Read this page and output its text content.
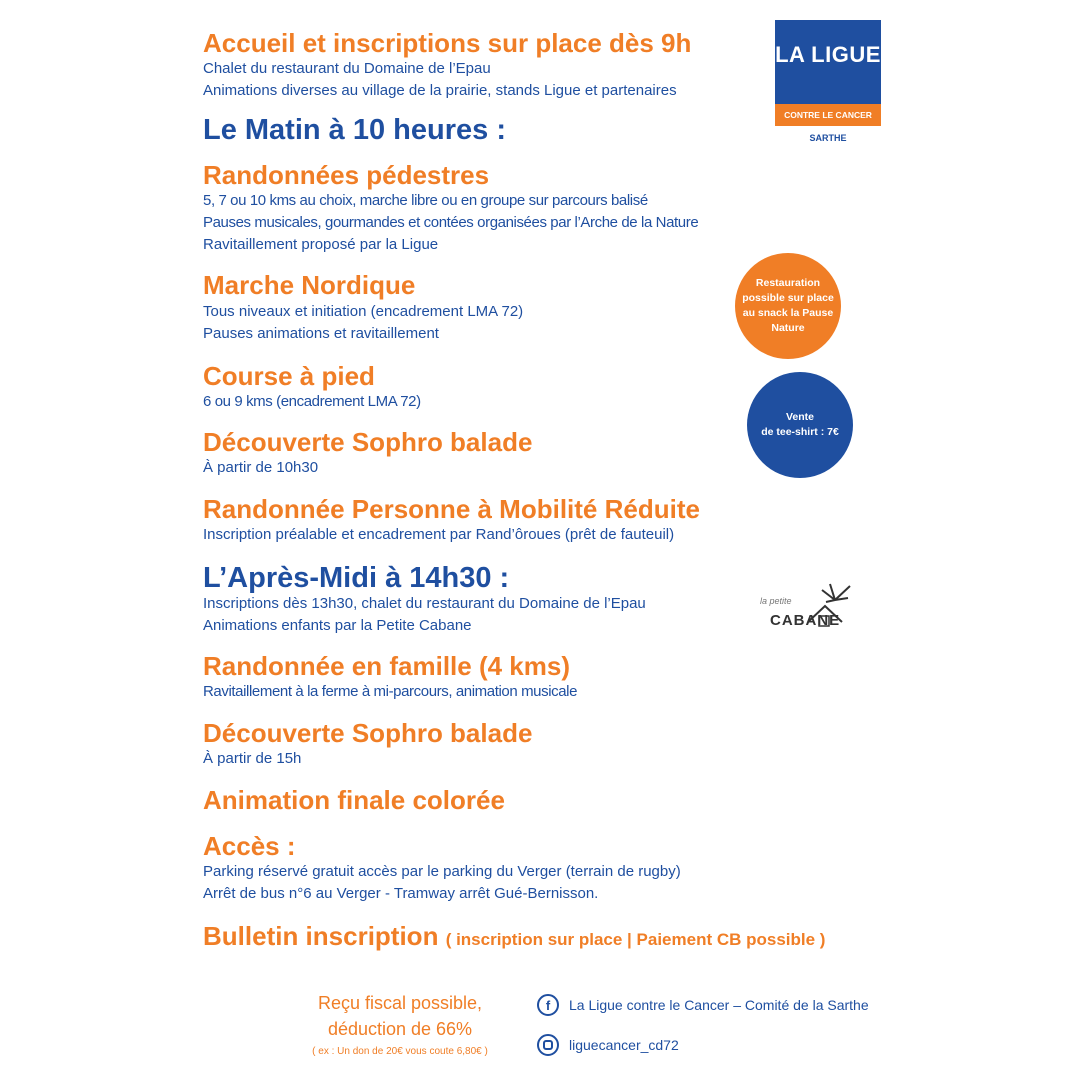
LA LIGUE
CONTRE LE CANCER
SARTHE
Accueil et inscriptions sur place dès 9h
Chalet du restaurant du Domaine de l’Epau
Animations diverses au village de la prairie, stands Ligue et partenaires
Le Matin à 10 heures :
Randonnées pédestres
5, 7 ou 10 kms au choix, marche libre ou en groupe sur parcours balisé
Pauses musicales, gourmandes et contées organisées par l’Arche de la Nature
Ravitaillement proposé par la Ligue
Marche Nordique
Tous niveaux et initiation (encadrement LMA 72)
Pauses animations et ravitaillement
Course à pied
6 ou 9 kms (encadrement LMA 72)
Découverte Sophro balade
À partir de 10h30
Randonnée Personne à Mobilité Réduite
Inscription préalable et encadrement par Rand’ôroues (prêt de fauteuil)
L’Après-Midi à 14h30 :
Inscriptions dès 13h30, chalet du restaurant du Domaine de l’Epau
Animations enfants par la Petite Cabane
Randonnée en famille (4 kms)
Ravitaillement à la ferme à mi-parcours, animation musicale
Découverte Sophro balade
À partir de 15h
Animation finale colorée
Accès :
Parking réservé gratuit accès par le parking du Verger (terrain de rugby)
Arrêt de bus n°6 au Verger - Tramway arrêt Gué-Bernisson.
Bulletin inscription ( inscription sur place | Paiement CB possible )
Restauration
possible sur place
au snack la Pause
Nature
Vente
de tee-shirt : 7€
la petite
CABANE
Reçu fiscal possible,
déduction de 66%
( ex : Un don de 20€ vous coute 6,80€ )
f	La Ligue contre le Cancer – Comité de la Sarthe
liguecancer_cd72
